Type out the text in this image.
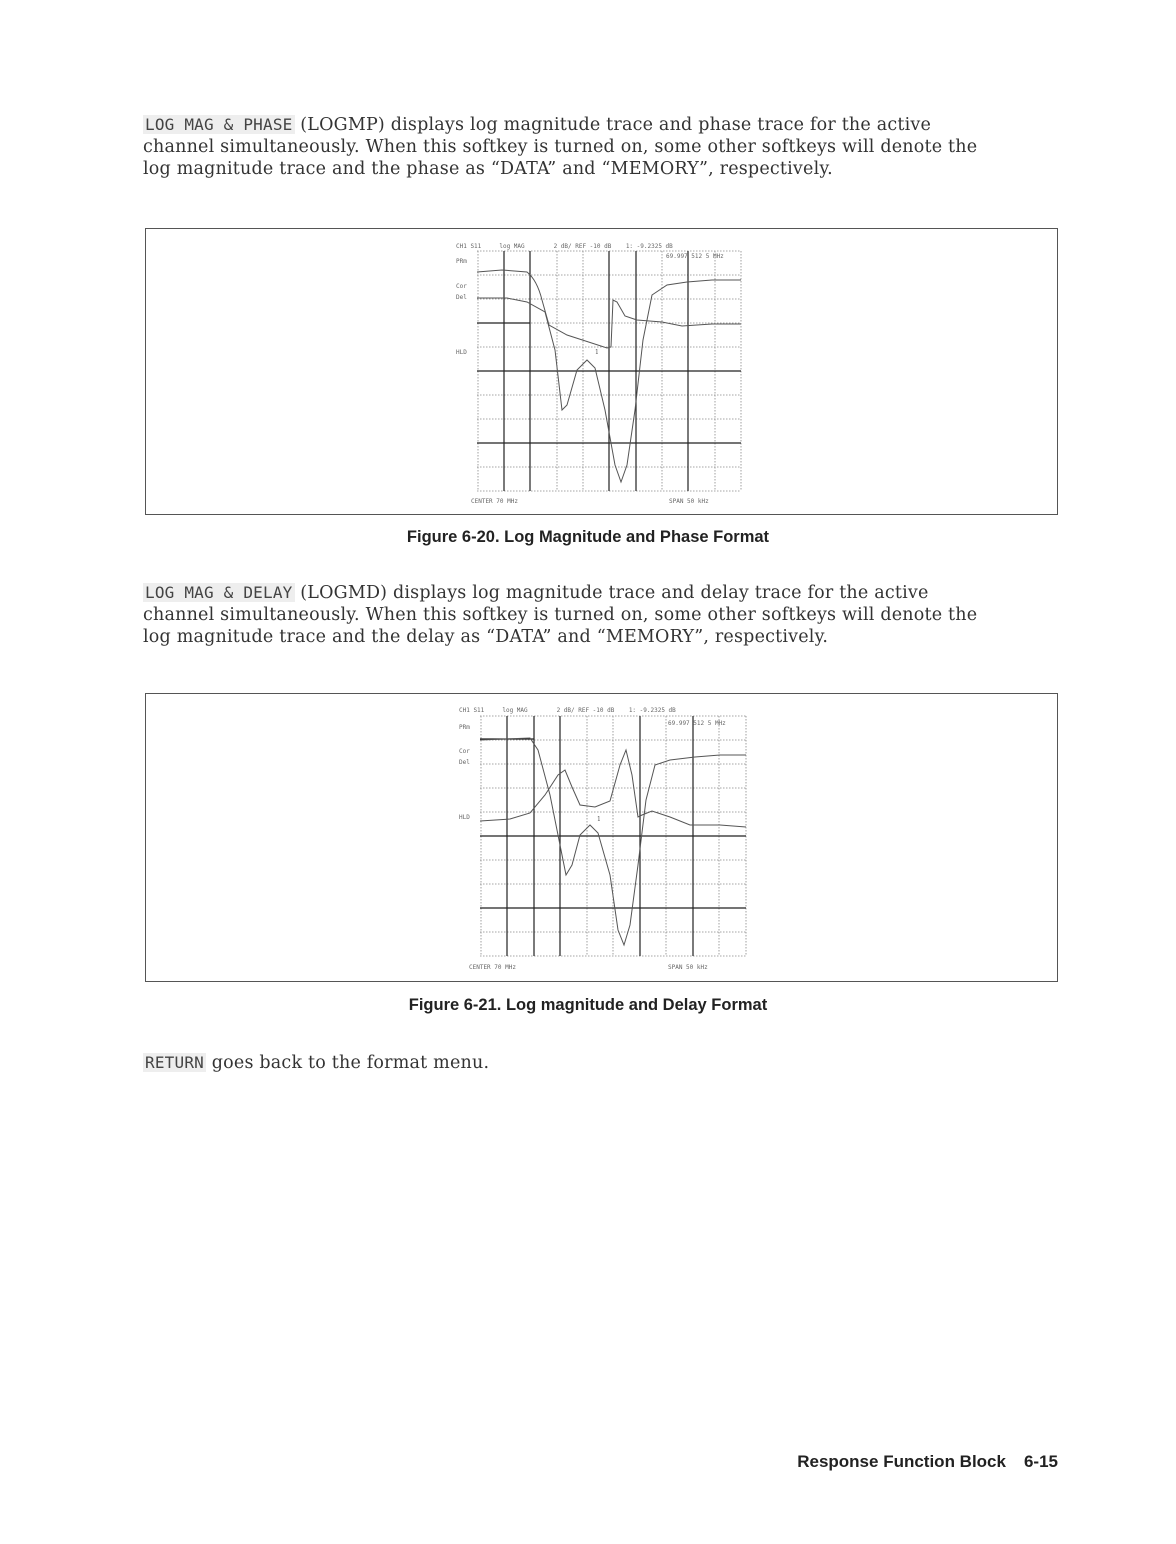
LOG MAG & PHASE (LOGMP) displays log magnitude trace and phase trace for the active
channel simultaneously. When this softkey is turned on, some other softkeys will denote the
log magnitude trace and the phase as “DATA” and “MEMORY”, respectively.
CH1 S11	log MAG	2 dB/ REF -10 dB 1: -9.2325 dB
69.997 512 5 MHz
PRm
Cor
Del
HLD
CENTER 70 MHz	SPAN 50 kHz
1
Figure 6-20. Log Magnitude and Phase Format
LOG MAG & DELAY (LOGMD) displays log magnitude trace and delay trace for the active
channel simultaneously. When this softkey is turned on, some other softkeys will denote the
log magnitude trace and the delay as “DATA” and “MEMORY”, respectively.
CH1 S11	log MAG	2 dB/ REF -10 dB 1: -9.2325 dB
69.997 512 5 MHz
PRm
Cor
Del
HLD
CENTER 70 MHz	SPAN 50 kHz
1
Figure 6-21. Log magnitude and Delay Format
RETURN goes back to the format menu.
Response Function Block 6-15
